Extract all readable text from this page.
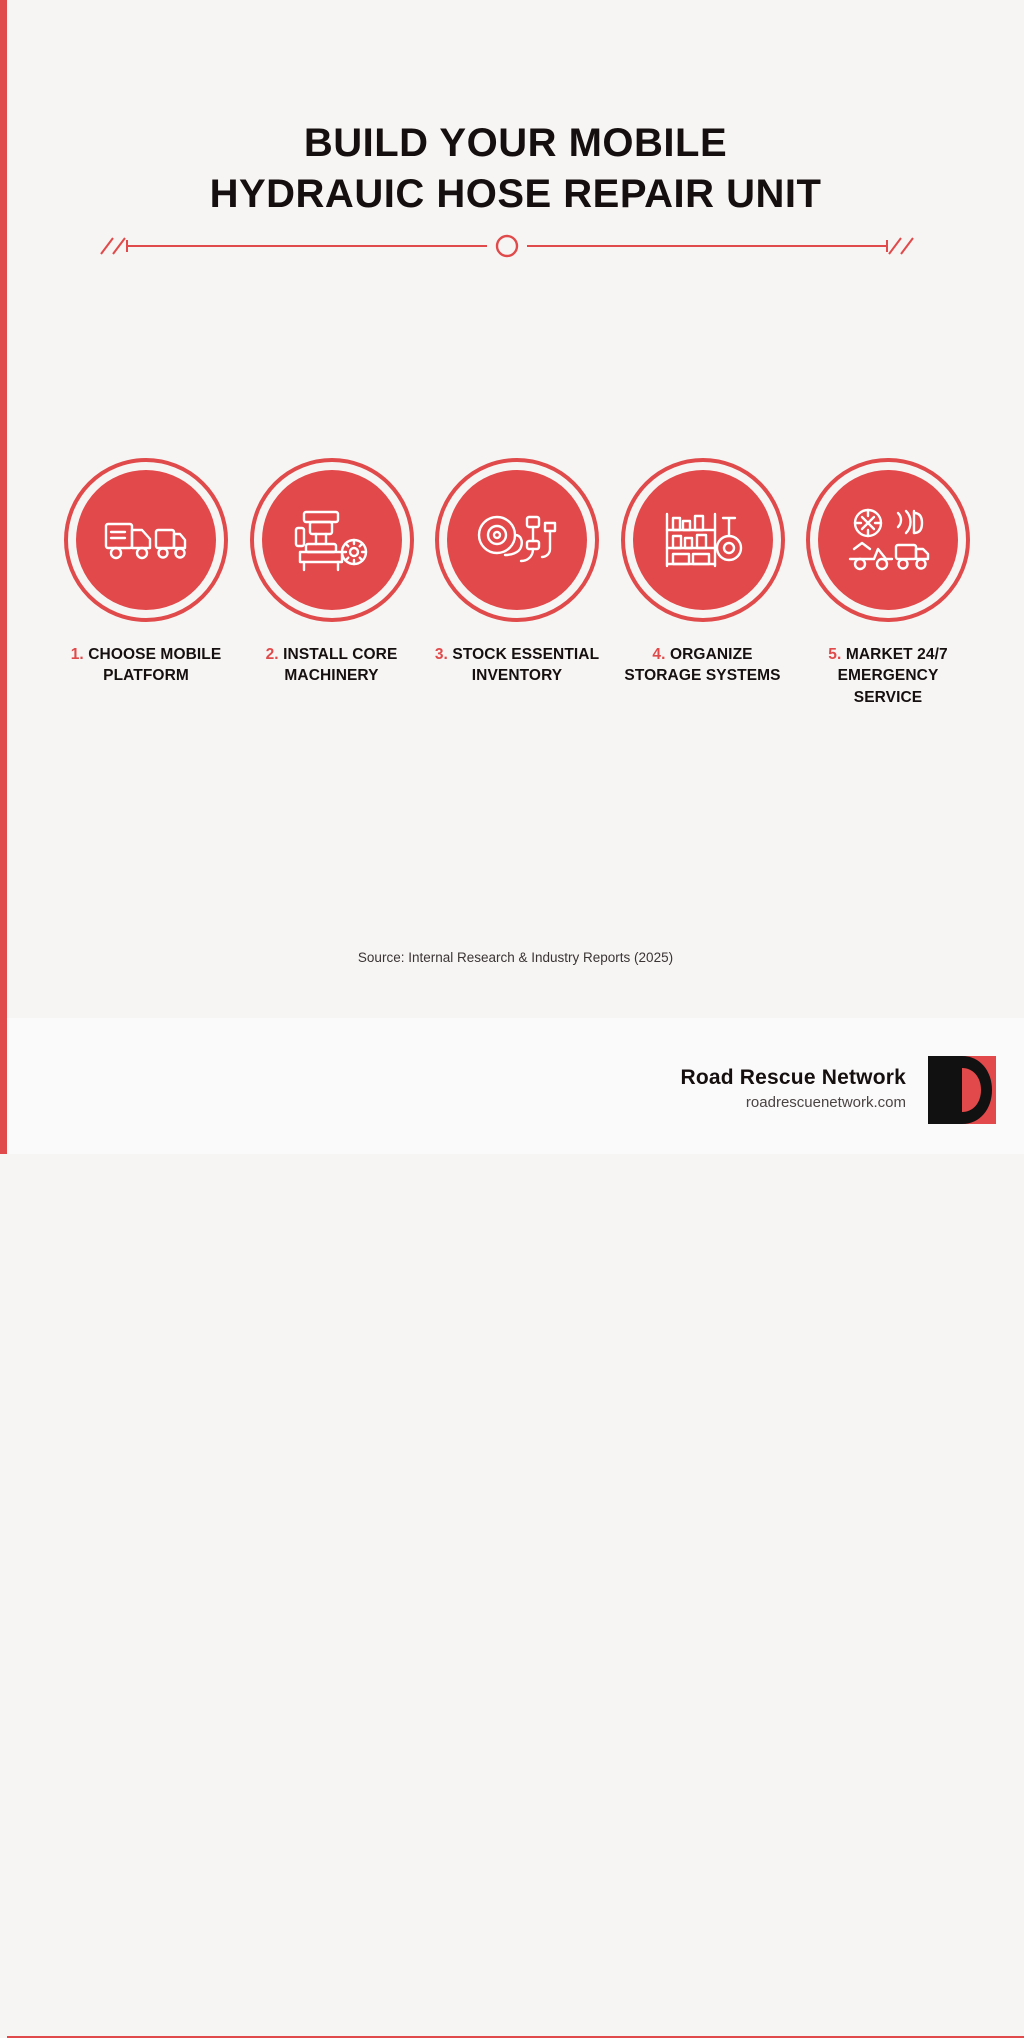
BUILD YOUR MOBILE
HYDRAUIC HOSE REPAIR UNIT
1. CHOOSE MOBILE PLATFORM
2. INSTALL CORE MACHINERY
3. STOCK ESSENTIAL INVENTORY
4. ORGANIZE STORAGE SYSTEMS
5. MARKET 24/7 EMERGENCY SERVICE
Source: Internal Research & Industry Reports (2025)
Road Rescue Network
roadrescuenetwork.com
